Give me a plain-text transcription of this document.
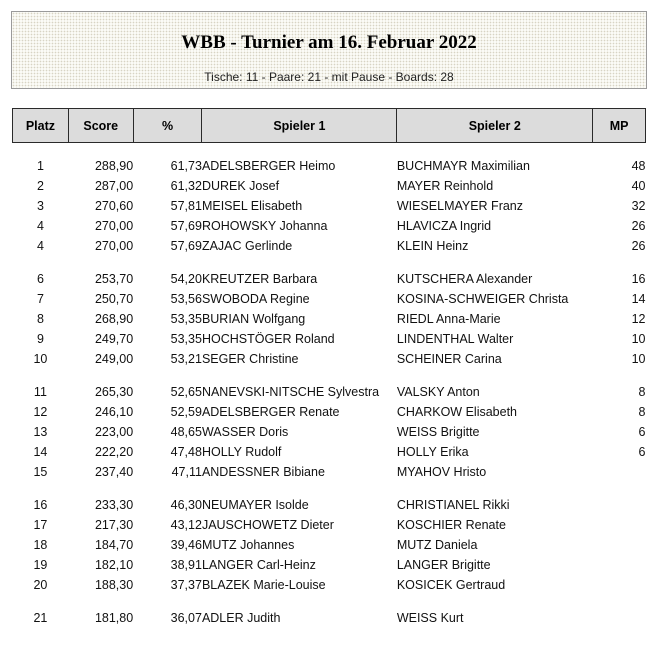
WBB - Turnier am 16. Februar 2022
Tische: 11 - Paare: 21 - mit Pause - Boards: 28
Platz	Score	%	Spieler 1	Spieler 2	MP

1	288,90	61,73	ADELSBERGER Heimo	BUCHMAYR Maximilian	48
2	287,00	61,32	DUREK Josef	MAYER Reinhold	40
3	270,60	57,81	MEISEL Elisabeth	WIESELMAYER Franz	32
4	270,00	57,69	ROHOWSKY Johanna	HLAVICZA Ingrid	26
4	270,00	57,69	ZAJAC Gerlinde	KLEIN Heinz	26
6	253,70	54,20	KREUTZER Barbara	KUTSCHERA Alexander	16
7	250,70	53,56	SWOBODA Regine	KOSINA-SCHWEIGER Christa	14
8	268,90	53,35	BURIAN Wolfgang	RIEDL Anna-Marie	12
9	249,70	53,35	HOCHSTÖGER Roland	LINDENTHAL Walter	10
10	249,00	53,21	SEGER Christine	SCHEINER Carina	10
11	265,30	52,65	NANEVSKI-NITSCHE Sylvestra	VALSKY Anton	8
12	246,10	52,59	ADELSBERGER Renate	CHARKOW Elisabeth	8
13	223,00	48,65	WASSER Doris	WEISS Brigitte	6
14	222,20	47,48	HOLLY Rudolf	HOLLY Erika	6
15	237,40	47,11	ANDESSNER Bibiane	MYAHOV Hristo	
16	233,30	46,30	NEUMAYER Isolde	CHRISTIANEL Rikki	
17	217,30	43,12	JAUSCHOWETZ Dieter	KOSCHIER Renate	
18	184,70	39,46	MUTZ Johannes	MUTZ Daniela	
19	182,10	38,91	LANGER Carl-Heinz	LANGER Brigitte	
20	188,30	37,37	BLAZEK Marie-Louise	KOSICEK Gertraud	
21	181,80	36,07	ADLER Judith	WEISS Kurt	
